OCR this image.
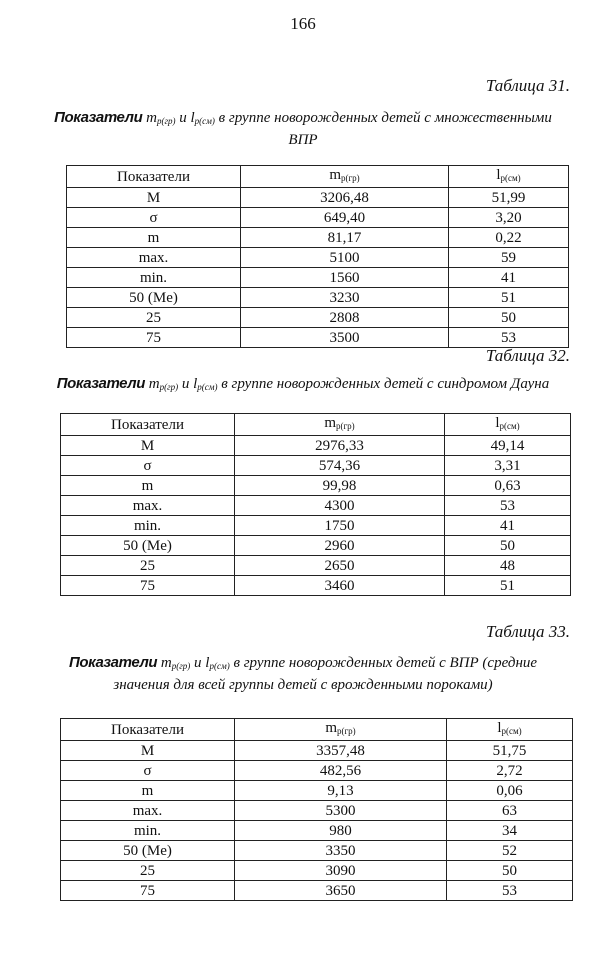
166
Таблица 31.
Показатели $m_{р(гр)}$ и $l_{р(см)}$ в группе новорожденных детей с множественными
ВПР
Показатели	$m_{р(гр)}$	$l_{р(см)}$
M	3206,48	51,99
σ	649,40	3,20
m	81,17	0,22
max.	5100	59
min.	1560	41
50 (Me)	3230	51
25	2808	50
75	3500	53
Таблица 32.
Показатели $m_{р(гр)}$ и $l_{р(см)}$ в группе новорожденных детей с синдромом Дауна
Показатели	$m_{р(гр)}$	$l_{р(см)}$
M	2976,33	49,14
σ	574,36	3,31
m	99,98	0,63
max.	4300	53
min.	1750	41
50 (Me)	2960	50
25	2650	48
75	3460	51
Таблица 33.
Показатели $m_{р(гр)}$ и $l_{р(см)}$ в группе новорожденных детей с ВПР (средние
значения для всей группы детей с врожденными пороками)
Показатели	$m_{р(гр)}$	$l_{р(см)}$
M	3357,48	51,75
σ	482,56	2,72
m	9,13	0,06
max.	5300	63
min.	980	34
50 (Me)	3350	52
25	3090	50
75	3650	53
